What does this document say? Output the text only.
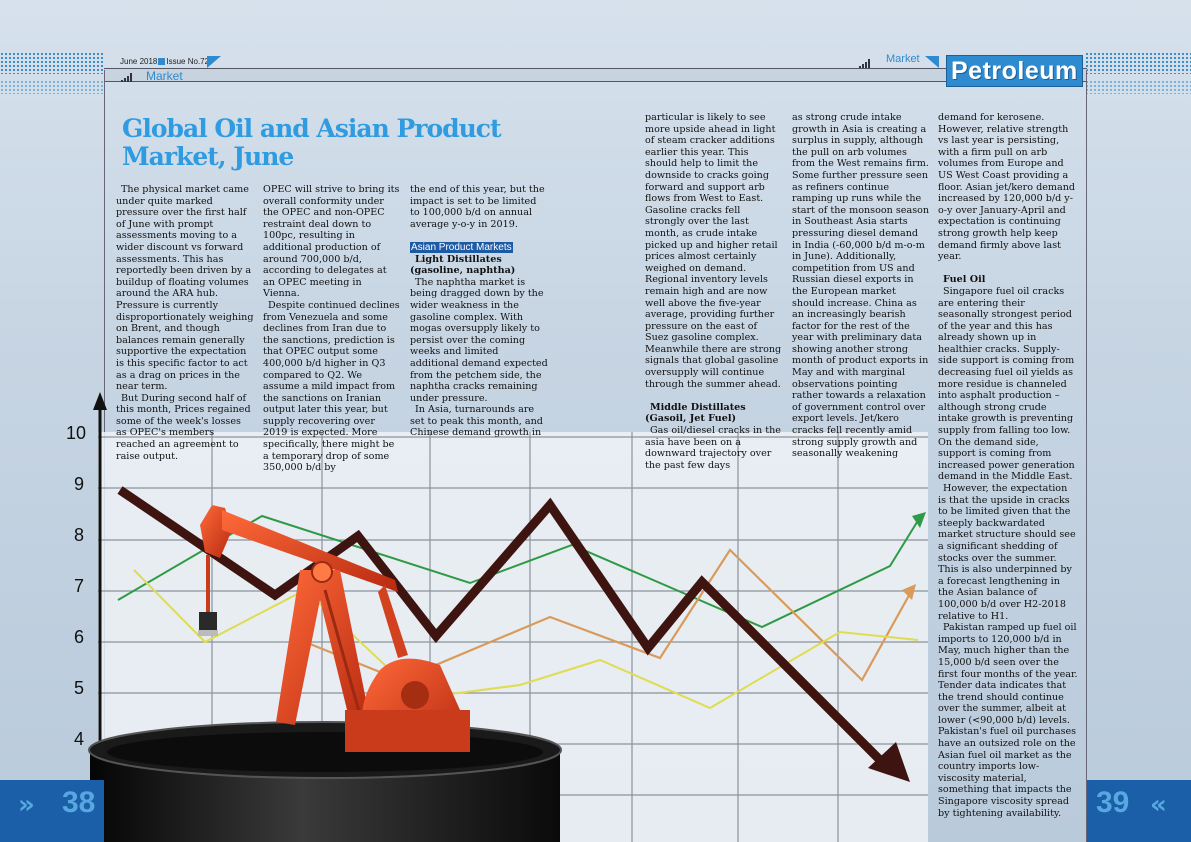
June 2018 Issue No.72
Market
Market Petroleum
10
9
8
7
6
5
4
» 38	39 «
Global Oil and Asian Product Market, June

The physical market came under quite marked pressure over the first half of June with prompt assessments moving to a wider discount vs forward assessments. This has reportedly been driven by a buildup of floating volumes around the ARA hub. Pressure is currently disproportionately weighing on Brent, and though balances remain generally supportive the expectation is this specific factor to act as a drag on prices in the near term.

But During second half of this month, Prices regained some of the week's losses as OPEC's members reached an agreement to raise output.

OPEC will strive to bring its overall conformity under the OPEC and non-OPEC restraint deal down to 100pc, resulting in additional production of around 700,000 b/d, according to delegates at an OPEC meeting in Vienna.

Despite continued declines from Venezuela and some declines from Iran due to the sanctions, prediction is that OPEC output some 400,000 b/d higher in Q3 compared to Q2. We assume a mild impact from the sanctions on Iranian output later this year, but supply recovering over 2019 is expected. More specifically, there might be a temporary drop of some 350,000 b/d by

the end of this year, but the impact is set to be limited to 100,000 b/d on annual average y-o-y in 2019.

Asian Product Markets

Light Distillates (gasoline, naphtha)

The naphtha market is being dragged down by the wider weakness in the gasoline complex. With mogas oversupply likely to persist over the coming weeks and limited additional demand expected from the petchem side, the naphtha cracks remaining under pressure.

In Asia, turnarounds are set to peak this month, and Chinese demand growth in

particular is likely to see more upside ahead in light of steam cracker additions earlier this year. This should help to limit the downside to cracks going forward and support arb flows from West to East. Gasoline cracks fell strongly over the last month, as crude intake picked up and higher retail prices almost certainly weighed on demand. Regional inventory levels remain high and are now well above the five-year average, providing further pressure on the east of Suez gasoline complex. Meanwhile there are strong signals that global gasoline oversupply will continue through the summer ahead.

Middle Distillates (Gasoil, Jet Fuel)

Gas oil/diesel cracks in the asia have been on a downward trajectory over the past few days

as strong crude intake growth in Asia is creating a surplus in supply, although the pull on arb volumes from the West remains firm. Some further pressure seen as refiners continue ramping up runs while the start of the monsoon season in Southeast Asia starts pressuring diesel demand in India (-60,000 b/d m-o-m in June). Additionally, competition from US and Russian diesel exports in the European market should increase. China as an increasingly bearish factor for the rest of the year with preliminary data showing another strong month of product exports in May and with marginal observations pointing rather towards a relaxation of government control over export levels. Jet/kero cracks fell recently amid strong supply growth and seasonally weakening

demand for kerosene. However, relative strength vs last year is persisting, with a firm pull on arb volumes from Europe and US West Coast providing a floor. Asian jet/kero demand increased by 120,000 b/d y-o-y over January-April and expectation is continuing strong growth help keep demand firmly above last year.

Fuel Oil

Singapore fuel oil cracks are entering their seasonally strongest period of the year and this has already shown up in healthier cracks. Supply-side support is coming from decreasing fuel oil yields as more residue is channeled into asphalt production – although strong crude intake growth is preventing supply from falling too low. On the demand side, support is coming from increased power generation demand in the Middle East.

However, the expectation is that the upside in cracks to be limited given that the steeply backwardated market structure should see a significant shedding of stocks over the summer. This is also underpinned by a forecast lengthening in the Asian balance of 100,000 b/d over H2-2018 relative to H1.

Pakistan ramped up fuel oil imports to 120,000 b/d in May, much higher than the 15,000 b/d seen over the first four months of the year. Tender data indicates that the trend should continue over the summer, albeit at lower (<90,000 b/d) levels. Pakistan's fuel oil purchases have an outsized role on the Asian fuel oil market as the country imports low-viscosity material, something that impacts the Singapore viscosity spread by tightening availability.
